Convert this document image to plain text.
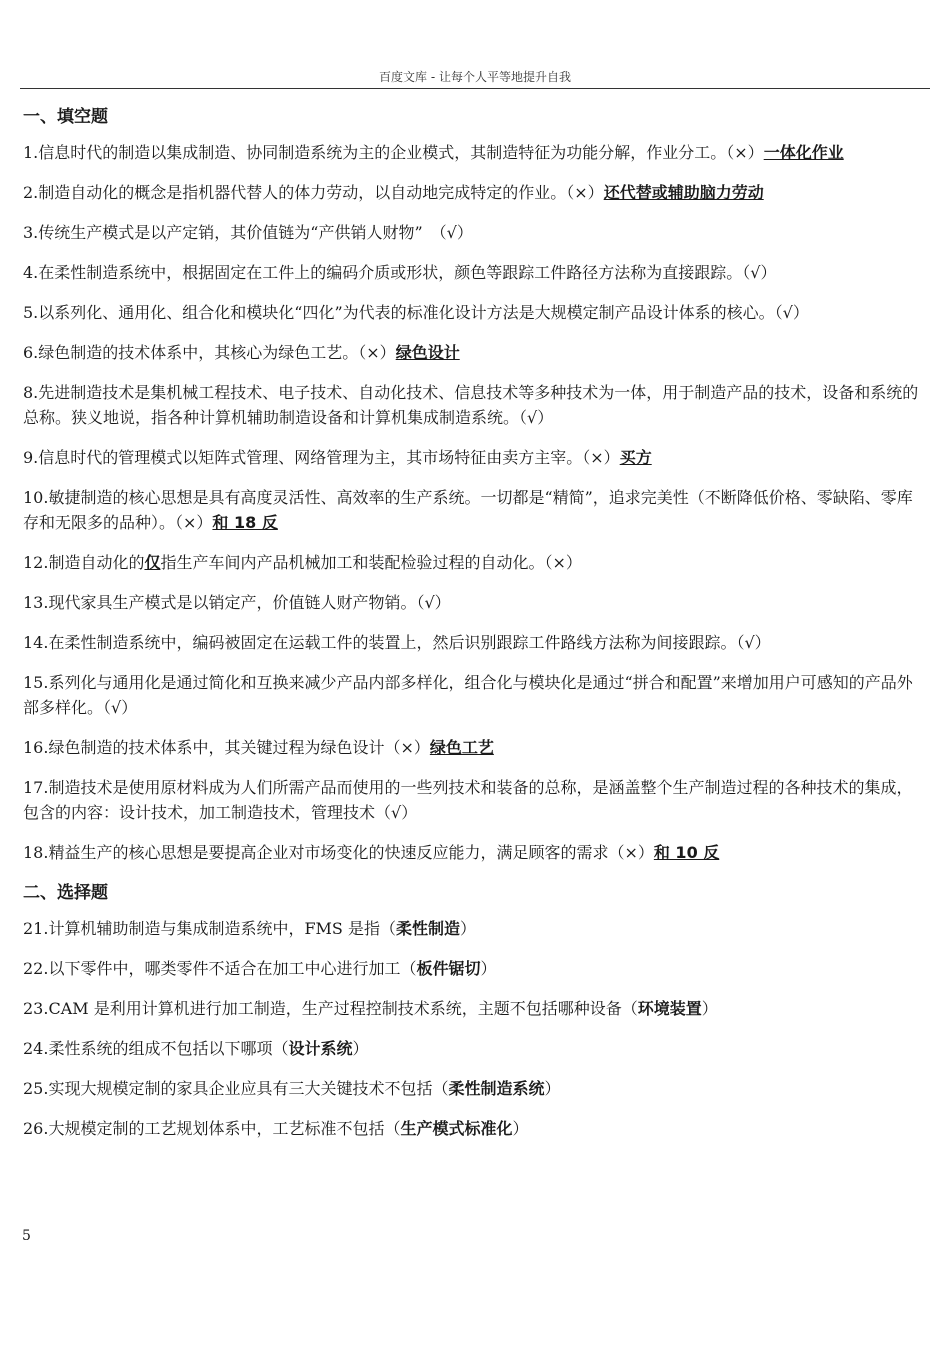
百度文库 - 让每个人平等地提升自我
一、填空题
1.信息时代的制造以集成制造、协同制造系统为主的企业模式，其制造特征为功能分解，作业分工。（×）一体化作业
2.制造自动化的概念是指机器代替人的体力劳动，以自动地完成特定的作业。（×）还代替或辅助脑力劳动
3.传统生产模式是以产定销，其价值链为“产供销人财物”　（√）
4.在柔性制造系统中，根据固定在工件上的编码介质或形状，颜色等跟踪工件路径方法称为直接跟踪。（√）
5.以系列化、通用化、组合化和模块化“四化”为代表的标准化设计方法是大规模定制产品设计体系的核心。（√）
6.绿色制造的技术体系中，其核心为绿色工艺。（×）绿色设计
8.先进制造技术是集机械工程技术、电子技术、自动化技术、信息技术等多种技术为一体，用于制造产品的技术，设备和系统的总称。狭义地说，指各种计算机辅助制造设备和计算机集成制造系统。（√）
9.信息时代的管理模式以矩阵式管理、网络管理为主，其市场特征由卖方主宰。（×）买方
10.敏捷制造的核心思想是具有高度灵活性、高效率的生产系统。一切都是“精简”，追求完美性（不断降低价格、零缺陷、零库存和无限多的品种）。（×）和 18 反
12.制造自动化的仅指生产车间内产品机械加工和装配检验过程的自动化。（×）
13.现代家具生产模式是以销定产，价值链人财产物销。（√）
14.在柔性制造系统中，编码被固定在运载工件的装置上，然后识别跟踪工件路线方法称为间接跟踪。（√）
15.系列化与通用化是通过简化和互换来减少产品内部多样化，组合化与模块化是通过“拼合和配置”来增加用户可感知的产品外部多样化。（√）
16.绿色制造的技术体系中，其关键过程为绿色设计（×）绿色工艺
17.制造技术是使用原材料成为人们所需产品而使用的一些列技术和装备的总称，是涵盖整个生产制造过程的各种技术的集成，包含的内容：设计技术，加工制造技术，管理技术（√）
18.精益生产的核心思想是要提高企业对市场变化的快速反应能力，满足顾客的需求（×）和 10 反
二、选择题
21.计算机辅助制造与集成制造系统中，FMS 是指（柔性制造）
22.以下零件中，哪类零件不适合在加工中心进行加工（板件锯切）
23.CAM 是利用计算机进行加工制造，生产过程控制技术系统，主题不包括哪种设备（环境装置）
24.柔性系统的组成不包括以下哪项（设计系统）
25.实现大规模定制的家具企业应具有三大关键技术不包括（柔性制造系统）
26.大规模定制的工艺规划体系中，工艺标准不包括（生产模式标准化）
5
